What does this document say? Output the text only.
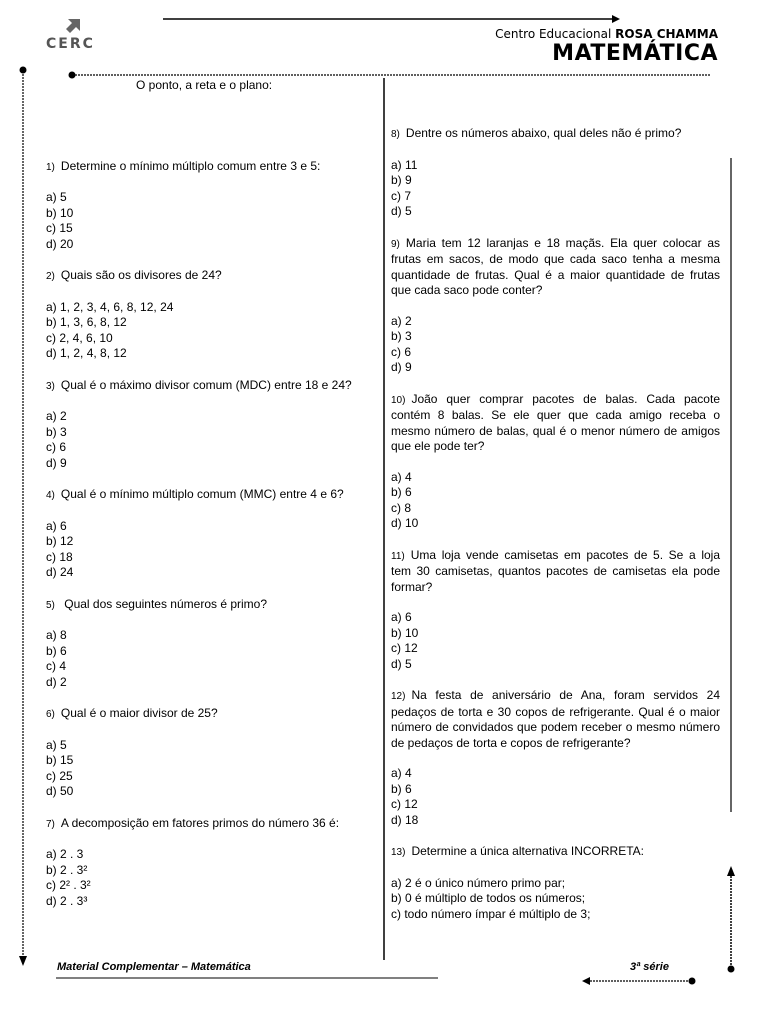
CERC
Centro Educacional ROSA CHAMMA
MATEMÁTICA
O ponto, a reta e o plano:
1) Determine o mínimo múltiplo comum entre 3 e 5:
a) 5
b) 10
c) 15
d) 20
2) Quais são os divisores de 24?
a) 1, 2, 3, 4, 6, 8, 12, 24
b) 1, 3, 6, 8, 12
c) 2, 4, 6, 10
d) 1, 2, 4, 8, 12
3) Qual é o máximo divisor comum (MDC) entre 18 e 24?
a) 2
b) 3
c) 6
d) 9
4) Qual é o mínimo múltiplo comum (MMC) entre 4 e 6?
a) 6
b) 12
c) 18
d) 24
5) Qual dos seguintes números é primo?
a) 8
b) 6
c) 4
d) 2
6) Qual é o maior divisor de 25?
a) 5
b) 15
c) 25
d) 50
7) A decomposição em fatores primos do número 36 é:
a) 2 . 3
b) 2 . 3²
c) 2² . 3²
d) 2 . 3³
8) Dentre os números abaixo, qual deles não é primo?
a) 11
b) 9
c) 7
d) 5
9) Maria tem 12 laranjas e 18 maçãs. Ela quer colocar as frutas em sacos, de modo que cada saco tenha a mesma quantidade de frutas. Qual é a maior quantidade de frutas que cada saco pode conter?
a) 2
b) 3
c) 6
d) 9
10) João quer comprar pacotes de balas. Cada pacote contém 8 balas. Se ele quer que cada amigo receba o mesmo número de balas, qual é o menor número de amigos que ele pode ter?
a) 4
b) 6
c) 8
d) 10
11) Uma loja vende camisetas em pacotes de 5. Se a loja tem 30 camisetas, quantos pacotes de camisetas ela pode formar?
a) 6
b) 10
c) 12
d) 5
12) Na festa de aniversário de Ana, foram servidos 24 pedaços de torta e 30 copos de refrigerante. Qual é o maior número de convidados que podem receber o mesmo número de pedaços de torta e copos de refrigerante?
a) 4
b) 6
c) 12
d) 18
13) Determine a única alternativa INCORRETA:
a) 2 é o único número primo par;
b) 0 é múltiplo de todos os números;
c) todo número ímpar é múltiplo de 3;
Material Complementar – Matemática	3ª série
